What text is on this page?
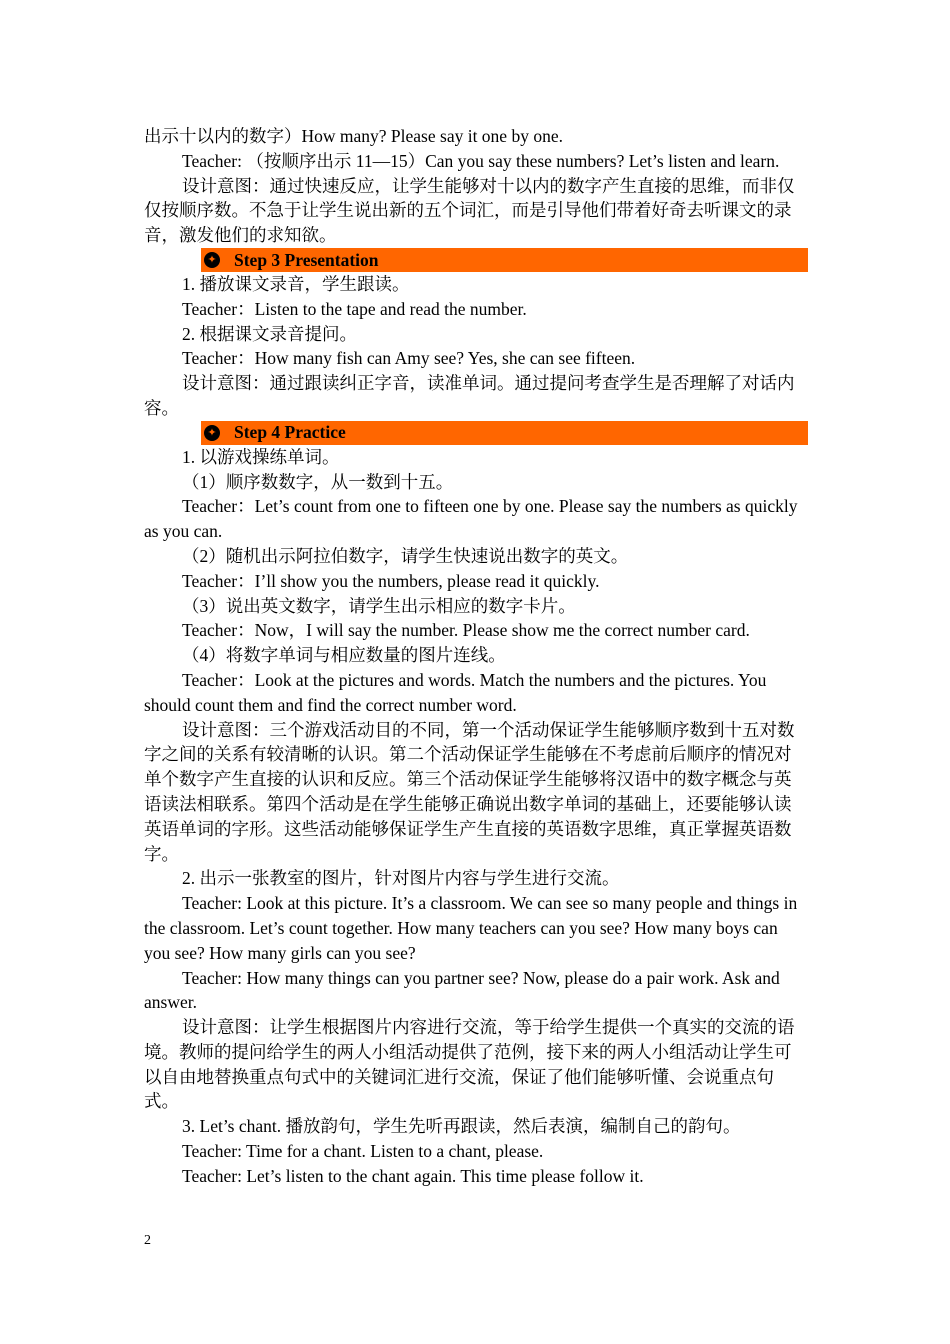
出示十以内的数字）How many? Please say it one by one.

Teacher: （按顺序出示 11—15）Can you say these numbers? Let’s listen and learn.

设计意图：通过快速反应，让学生能够对十以内的数字产生直接的思维，而非仅仅按顺序数。不急于让学生说出新的五个词汇，而是引导他们带着好奇去听课文的录音，激发他们的求知欲。

✦ Step 3 Presentation

1. 播放课文录音，学生跟读。

Teacher：Listen to the tape and read the number.

2. 根据课文录音提问。

Teacher：How many fish can Amy see? Yes, she can see fifteen.

设计意图：通过跟读纠正字音，读准单词。通过提问考查学生是否理解了对话内容。

✦ Step 4 Practice

1. 以游戏操练单词。

（1）顺序数数字，从一数到十五。

Teacher：Let’s count from one to fifteen one by one. Please say the numbers as quickly as you can.

（2）随机出示阿拉伯数字，请学生快速说出数字的英文。

Teacher：I’ll show you the numbers, please read it quickly.

（3）说出英文数字，请学生出示相应的数字卡片。

Teacher：Now，I will say the number. Please show me the correct number card.

（4）将数字单词与相应数量的图片连线。

Teacher：Look at the pictures and words. Match the numbers and the pictures. You should count them and find the correct number word.

设计意图：三个游戏活动目的不同，第一个活动保证学生能够顺序数到十五对数字之间的关系有较清晰的认识。第二个活动保证学生能够在不考虑前后顺序的情况对单个数字产生直接的认识和反应。第三个活动保证学生能够将汉语中的数字概念与英语读法相联系。第四个活动是在学生能够正确说出数字单词的基础上，还要能够认读英语单词的字形。这些活动能够保证学生产生直接的英语数字思维，真正掌握英语数字。

2. 出示一张教室的图片，针对图片内容与学生进行交流。

Teacher: Look at this picture. It’s a classroom. We can see so many people and things in the classroom. Let’s count together. How many teachers can you see? How many boys can you see? How many girls can you see?

Teacher: How many things can you partner see? Now, please do a pair work. Ask and answer.

设计意图：让学生根据图片内容进行交流，等于给学生提供一个真实的交流的语境。教师的提问给学生的两人小组活动提供了范例，接下来的两人小组活动让学生可以自由地替换重点句式中的关键词汇进行交流，保证了他们能够听懂、会说重点句式。

3. Let’s chant. 播放韵句，学生先听再跟读，然后表演，编制自己的韵句。

Teacher: Time for a chant. Listen to a chant, please.

Teacher: Let’s listen to the chant again. This time please follow it.

2
